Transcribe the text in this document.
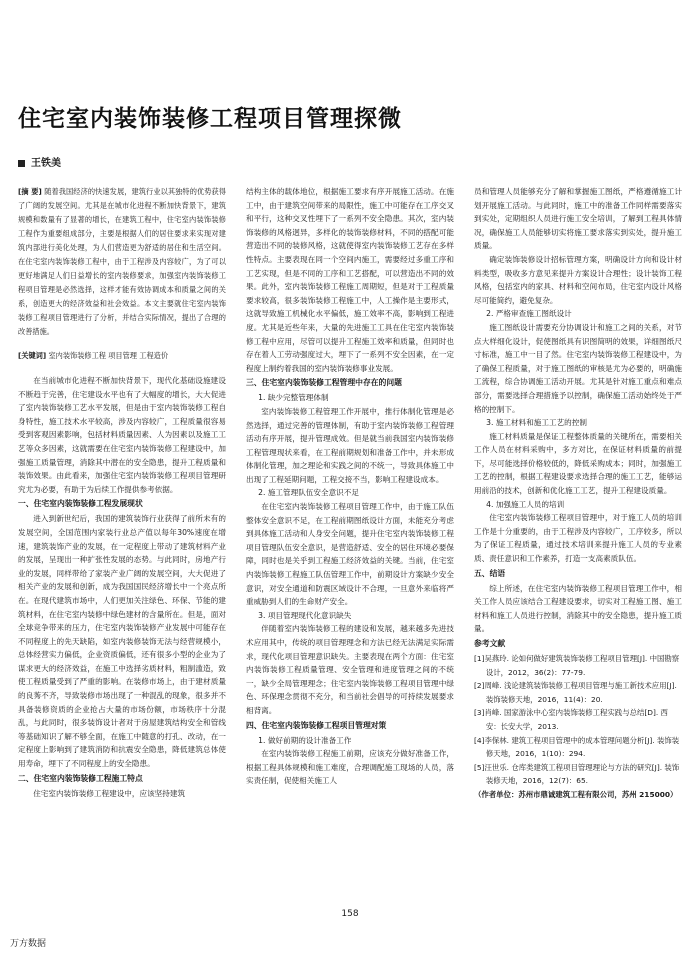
住宅室内装饰装修工程项目管理探微
王铁美

[摘 要] 随着我国经济的快速发展，建筑行业以其独特的优势获得了广阔的发展空间。尤其是在城市化进程不断加快背景下，建筑规模和数量有了显著的增长，在建筑工程中，住宅室内装饰装修工程作为重要组成部分，主要是根据人们的居住要求来实现对建筑内部进行美化处理，为人们营造更为舒适的居住和生活空间。在住宅室内装饰装修工程中，由于工程涉及内容较广，为了可以更好地满足人们日益增长的室内装修要求，加强室内装饰装修工程项目管理是必然选择，这样才能有效协调成本和质量之间的关系，创造更大的经济效益和社会效益。本文主要就住宅室内装饰装修工程项目管理进行了分析，并结合实际情况，提出了合理的改善措施。

[关键词] 室内装饰装修工程 项目管理 工程造价

在当前城市化进程不断加快背景下，现代化基础设施建设不断趋于完善，住宅建设水平也有了大幅度的增长，大大促进了室内装饰装修工艺水平发展，但是由于室内装饰装修工程自身特性，施工技术水平较高，涉及内容较广，工程质量很容易受到客观因素影响，包括材料质量因素、人为因素以及施工工艺等众多因素，这就需要在住宅室内装饰装修工程建设中，加强施工质量管理，消除其中潜在的安全隐患，提升工程质量和装饰效果。由此看来，加强住宅室内装饰装修工程项目管理研究尤为必要，有助于为后续工作提供参考依据。

一、住宅室内装饰装修工程发展现状

进入到新世纪后，我国的建筑装饰行业获得了前所未有的发展空间，全国范围内家装行业总产值以每年30%速度在增速，建筑装饰产业的发展，在一定程度上带动了建筑材料产业的发展，呈现出一种扩张性发展的态势。与此同时，房地产行业的发展，同样带给了家装产业广阔的发展空间，大大促进了相关产业的发展和创新，成为我国国民经济增长中一个亮点所在。在现代建筑市场中，人们更加关注绿色、环保、节能的建筑材料，在住宅室内装修中绿色建材的含量所在。但是，面对全球竞争带来的压力，住宅室内装饰装修产业发展中可能存在不同程度上的先天缺陷，如室内装修装饰无法与经营规模小，总体经营实力偏低，企业资质偏低，还有很多小型的企业为了谋求更大的经济效益，在施工中选择劣质材料，粗制滥造，致使工程质量受到了严重的影响。在装修市场上，由于建材质量的良莠不齐，导致装修市场出现了一种混乱的现象，很多并不具备装修资质的企业抢占大量的市场份额，市场秩序十分混乱，与此同时，很多装饰设计者对于房屋建筑结构安全和管线等基础知识了解不够全面，在施工中随意的打孔、改动，在一定程度上影响到了建筑消防和抗震安全隐患，降低建筑总体使用寿命，埋下了不同程度上的安全隐患。

二、住宅室内装饰装修工程施工特点

住宅室内装饰装修工程建设中，应该坚持建筑

结构主体的载体地位，根据施工要求有序开展施工活动。在施工中，由于建筑空间带来的局限性，施工中可能存在工序交叉和平行，这种交叉性埋下了一系列不安全隐患。其次，室内装饰装修的风格迥异，多样化的装饰装修材料，不同的搭配可能营造出不同的装修风格，这就使得室内装饰装修工艺存在多样性特点。主要表现在同一个空间内施工，需要经过多重工序和工艺实现，但是不同的工序和工艺搭配，可以营造出不同的效果。此外，室内装饰装修工程施工周期短，但是对于工程质量要求较高，很多装饰装修工程施工中，人工操作是主要形式，这就导致施工机械化水平偏低，施工效率不高，影响到工程进度。尤其是近些年来，大量的先进施工工具在住宅室内装饰装修工程中应用，尽管可以提升工程施工效率和质量，但同时也存在着人工劳动强度过大，埋下了一系列不安全因素，在一定程度上制约着我国的室内装饰装修事业发展。

三、住宅室内装饰装修工程管理中存在的问题
1. 缺少完整管理体制

室内装饰装修工程管理工作开展中，推行体制化管理是必然选择，通过完善的管理体制，有助于室内装饰装修工程管理活动有序开展，提升管理成效。但是就当前我国室内装饰装修工程管理现状来看，在工程前期规划和准备工作中，并未形成体制化管理，加之理论和实践之间的不统一，导致具体施工中出现了工程延期问题，工程交接不当，影响工程建设成本。

2. 施工管理队伍安全意识不足

在住宅室内装饰装修工程项目管理工作中，由于施工队伍整体安全意识不足，在工程前期图纸设计方面，未能充分考虑到具体施工活动和人身安全问题，提升住宅室内装饰装修工程项目管理队伍安全意识，是营造舒适、安全的居住环境必要保障，同时也是关乎到工程施工经济效益的关键。当前，住宅室内装饰装修工程施工队伍管理工作中，前期设计方案缺少安全意识，对安全通道和防震区域设计不合理，一旦意外来临将严重威胁到人们的生命财产安全。

3. 项目管理现代化意识缺失

伴随着室内装饰装修工程的建设和发展，越来越多先进技术应用其中，传统的项目管理理念和方法已经无法满足实际需求，现代化项目管理意识缺失。主要表现在两个方面：住宅室内装饰装修工程质量管理、安全管理和进度管理之间的不统一，缺少全局管理理念；住宅室内装饰装修工程项目管理中绿色、环保理念贯彻不充分，和当前社会倡导的可持续发展要求相背离。

四、住宅室内装饰装修工程项目管理对策
1. 做好前期的设计准备工作

在室内装饰装修工程施工前期，应该充分做好准备工作，根据工程具体规模和施工难度，合理调配施工现场的人员，落实责任制，促使相关施工人

员和管理人员能够充分了解和掌握施工图纸，严格遵循施工计划开展施工活动。与此同时，施工中的准备工作同样需要落实到实处，定期组织人员进行施工安全培训，了解到工程具体情况，确保施工人员能够切实将施工要求落实到实处，提升施工质量。

确定装饰装修设计招标管理方案，明确设计方向和设计材料类型，吸收多方意见来提升方案设计合理性；设计装饰工程风格，包括室内的家具、材料和空间布局，住宅室内设计风格尽可能简约，避免复杂。

2. 严格审查施工图纸设计

施工图纸设计需要充分协调设计和施工之间的关系，对节点大样细化设计，促使图纸具有识图简明的效果，详细图纸尺寸标准，施工中一目了然。住宅室内装饰装修工程建设中，为了确保工程质量，对于施工图纸的审核是尤为必要的，明确施工流程，综合协调施工活动开展。尤其是针对施工重点和难点部分，需要选择合理措施予以控制，确保施工活动始终处于严格的控制下。

3. 施工材料和施工工艺的控制

施工材料质量是保证工程整体质量的关键所在，需要相关工作人员在材料采购中，多方对比，在保证材料质量的前提下，尽可能选择价格较低的，降低采购成本；同时，加强施工工艺的控制，根据工程建设要求选择合理的施工工艺，能够运用前沿的技术，创新和优化施工工艺，提升工程建设质量。

4. 加强施工人员的培训

住宅室内装饰装修工程项目管理中，对于施工人员的培训工作是十分重要的，由于工程涉及内容较广，工序较多，所以为了保证工程质量，通过技术培训来提升施工人员的专业素质、责任意识和工作素养，打造一支高素质队伍。

五、结语

综上所述，在住宅室内装饰装修工程项目管理工作中，相关工作人员应该结合工程建设要求，切实对工程施工图、施工材料和施工人员进行控制，消除其中的安全隐患，提升施工质量。

参考文献

[1]吴燕玲. 论如何做好建筑装饰装修工程项目管理[J]. 中国勘察设计，2012，36(2)：77-79.

[2]周峰. 浅论建筑装饰装修工程项目管理与施工新技术应用[J]. 装饰装修天地，2016，11(4)：20.

[3]肖峰. 国家游泳中心室内装饰装修工程实践与总结[D]. 西安：长安大学，2013.

[4]李保林. 建筑工程项目管理中的成本管理问题分析[J]. 装饰装修天地，2016，1(10)：294.

[5]汪世乐. 仓库类建筑工程项目管理理论与方法的研究[J]. 装饰装修天地，2016，12(7)：65.

（作者单位：苏州市鼎诚建筑工程有限公司，苏州 215000）

158
万方数据
